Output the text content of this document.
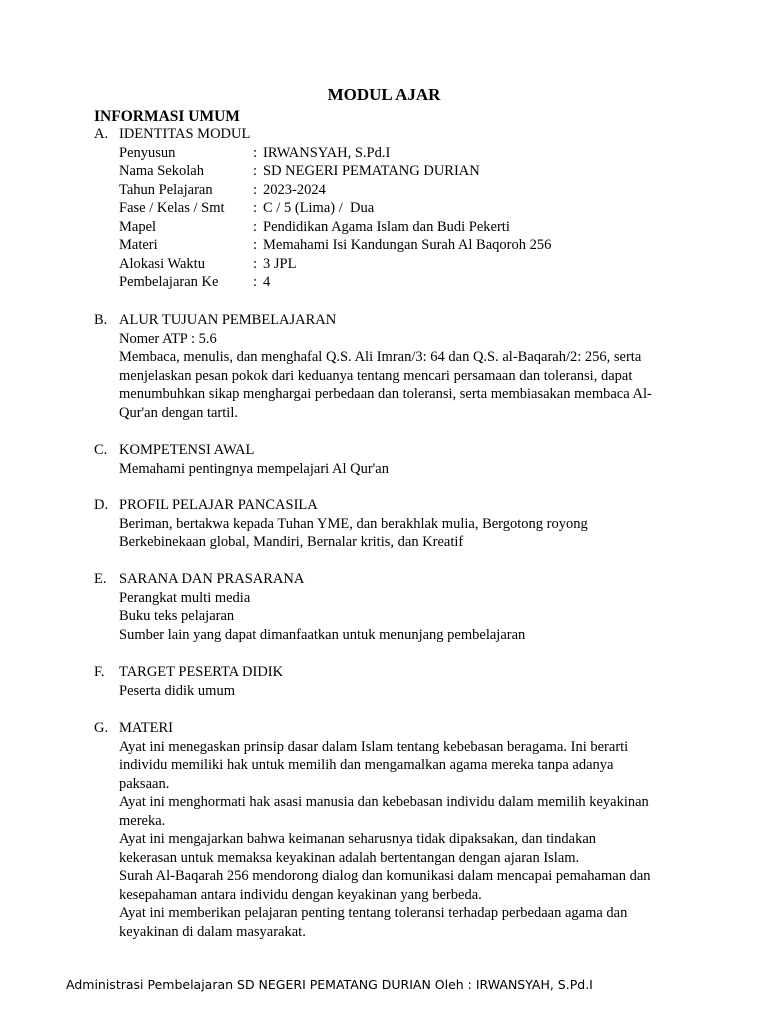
MODUL AJAR
INFORMASI UMUM
A. IDENTITAS MODUL
Penyusun	: IRWANSYAH, S.Pd.I
Nama Sekolah	: SD NEGERI PEMATANG DURIAN
Tahun Pelajaran	: 2023-2024
Fase / Kelas / Smt	: C / 5 (Lima) /  Dua
Mapel	: Pendidikan Agama Islam dan Budi Pekerti
Materi	: Memahami Isi Kandungan Surah Al Baqoroh 256
Alokasi Waktu	: 3 JPL
Pembelajaran Ke	: 4
B. ALUR TUJUAN PEMBELAJARAN

Nomer ATP : 5.6

Membaca, menulis, dan menghafal Q.S. Ali Imran/3: 64 dan Q.S. al-Baqarah/2: 256, serta

menjelaskan pesan pokok dari keduanya tentang mencari persamaan dan toleransi, dapat

menumbuhkan sikap menghargai perbedaan dan toleransi, serta membiasakan membaca Al-

Qur'an dengan tartil.

C. KOMPETENSI AWAL

Memahami pentingnya mempelajari Al Qur'an

D. PROFIL PELAJAR PANCASILA

Beriman, bertakwa kepada Tuhan YME, dan berakhlak mulia, Bergotong royong

Berkebinekaan global, Mandiri, Bernalar kritis, dan Kreatif

E. SARANA DAN PRASARANA

Perangkat multi media

Buku teks pelajaran

Sumber lain yang dapat dimanfaatkan untuk menunjang pembelajaran

F. TARGET PESERTA DIDIK

Peserta didik umum

G. MATERI

Ayat ini menegaskan prinsip dasar dalam Islam tentang kebebasan beragama. Ini berarti

individu memiliki hak untuk memilih dan mengamalkan agama mereka tanpa adanya

paksaan.

Ayat ini menghormati hak asasi manusia dan kebebasan individu dalam memilih keyakinan

mereka.

Ayat ini mengajarkan bahwa keimanan seharusnya tidak dipaksakan, dan tindakan

kekerasan untuk memaksa keyakinan adalah bertentangan dengan ajaran Islam.

Surah Al-Baqarah 256 mendorong dialog dan komunikasi dalam mencapai pemahaman dan

kesepahaman antara individu dengan keyakinan yang berbeda.

Ayat ini memberikan pelajaran penting tentang toleransi terhadap perbedaan agama dan

keyakinan di dalam masyarakat.

Administrasi Pembelajaran SD NEGERI PEMATANG DURIAN Oleh : IRWANSYAH, S.Pd.I
